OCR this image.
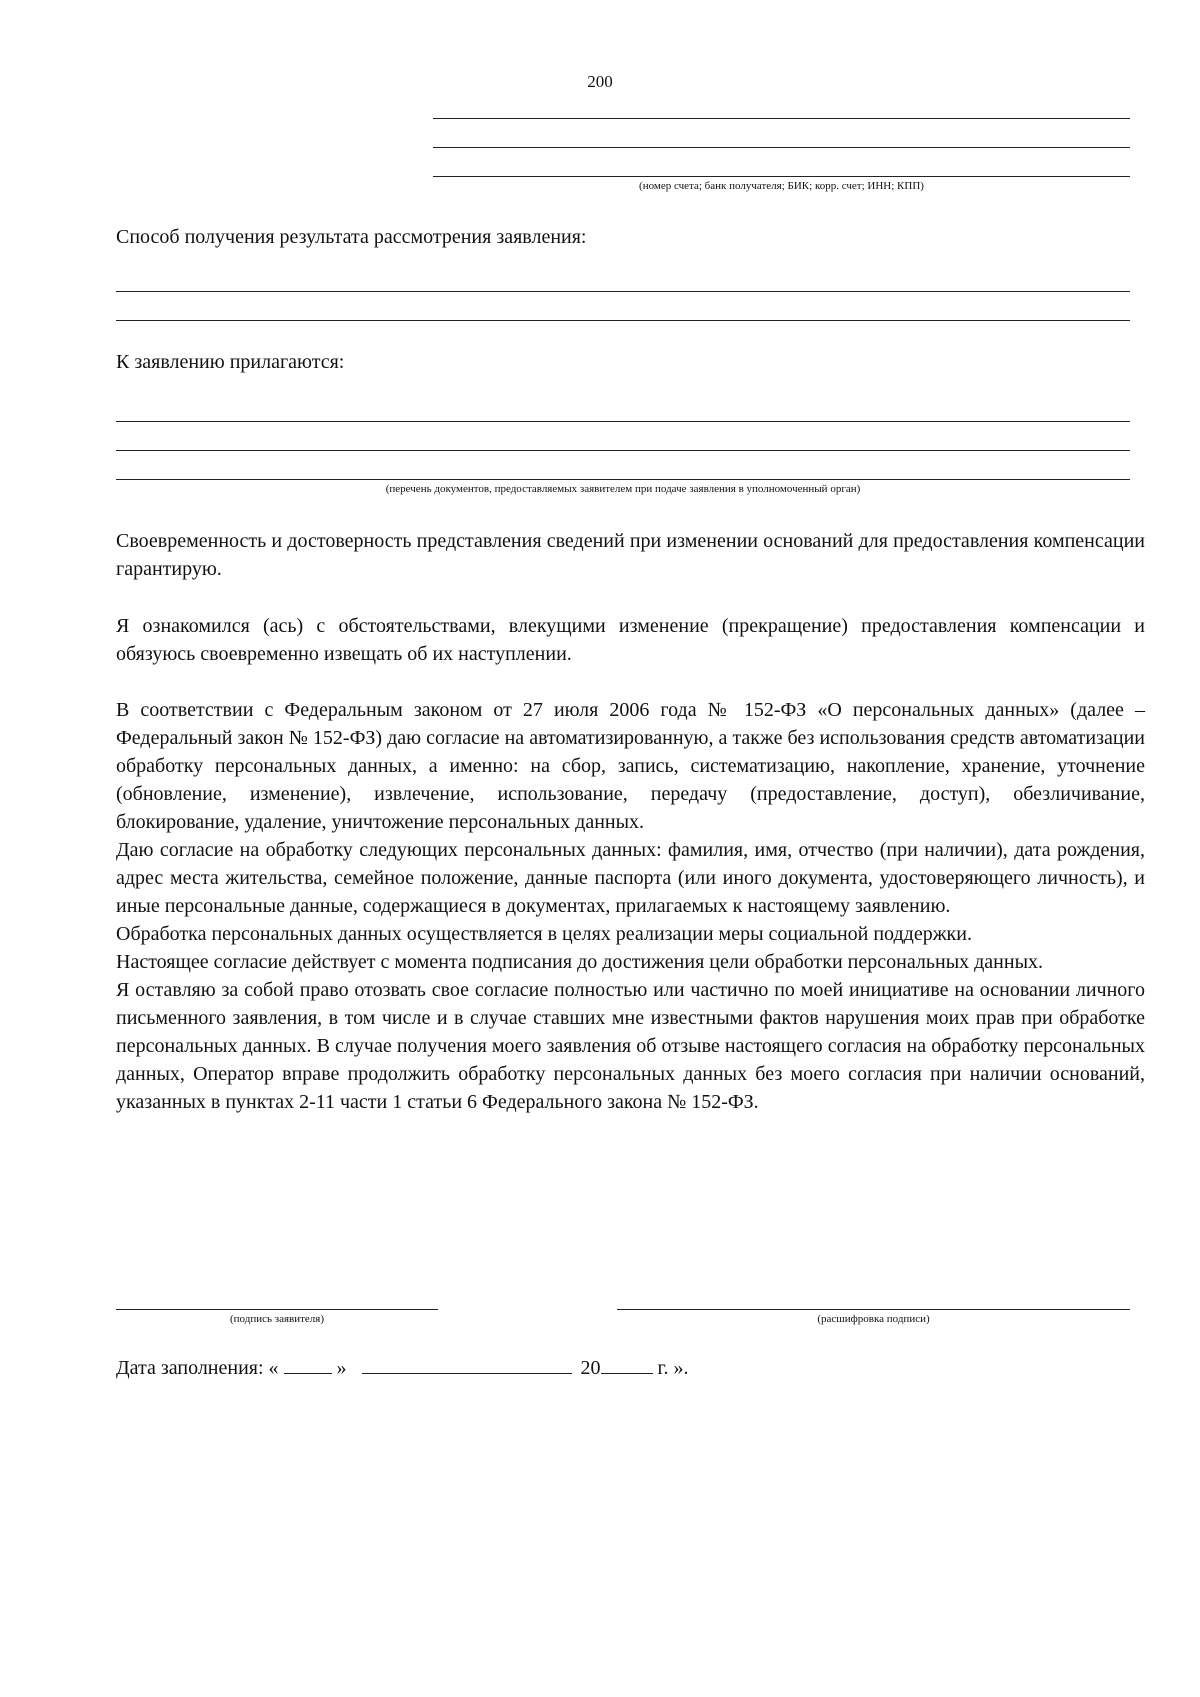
200
(номер счета; банк получателя; БИК; корр. счет; ИНН; КПП)
Способ получения результата рассмотрения заявления:
К заявлению прилагаются:
(перечень документов, предоставляемых заявителем при подаче заявления в уполномоченный орган)

Своевременность и достоверность представления сведений при изменении оснований для предоставления компенсации гарантирую.

Я ознакомился (ась) с обстоятельствами, влекущими изменение (прекращение) предоставления компенсации и обязуюсь своевременно извещать об их наступлении.

В соответствии с Федеральным законом от 27 июля 2006 года № 152-ФЗ «О персональных данных» (далее – Федеральный закон № 152-ФЗ) даю согласие на автоматизированную, а также без использования средств автоматизации обработку персональных данных, а именно: на сбор, запись, систематизацию, накопление, хранение, уточнение (обновление, изменение), извлечение, использование, передачу (предоставление, доступ), обезличивание, блокирование, удаление, уничтожение персональных данных.

Даю согласие на обработку следующих персональных данных: фамилия, имя, отчество (при наличии), дата рождения, адрес места жительства, семейное положение, данные паспорта (или иного документа, удостоверяющего личность), и иные персональные данные, содержащиеся в документах, прилагаемых к настоящему заявлению.

Обработка персональных данных осуществляется в целях реализации меры социальной поддержки.

Настоящее согласие действует с момента подписания до достижения цели обработки персональных данных.

Я оставляю за собой право отозвать свое согласие полностью или частично по моей инициативе на основании личного письменного заявления, в том числе и в случае ставших мне известными фактов нарушения моих прав при обработке персональных данных. В случае получения моего заявления об отзыве настоящего согласия на обработку персональных данных, Оператор вправе продолжить обработку персональных данных без моего согласия при наличии оснований, указанных в пунктах 2-11 части 1 статьи 6 Федерального закона № 152-ФЗ.

(подпись заявителя)	(расшифровка подписи)
Дата заполнения: «	»	20	г. ».
